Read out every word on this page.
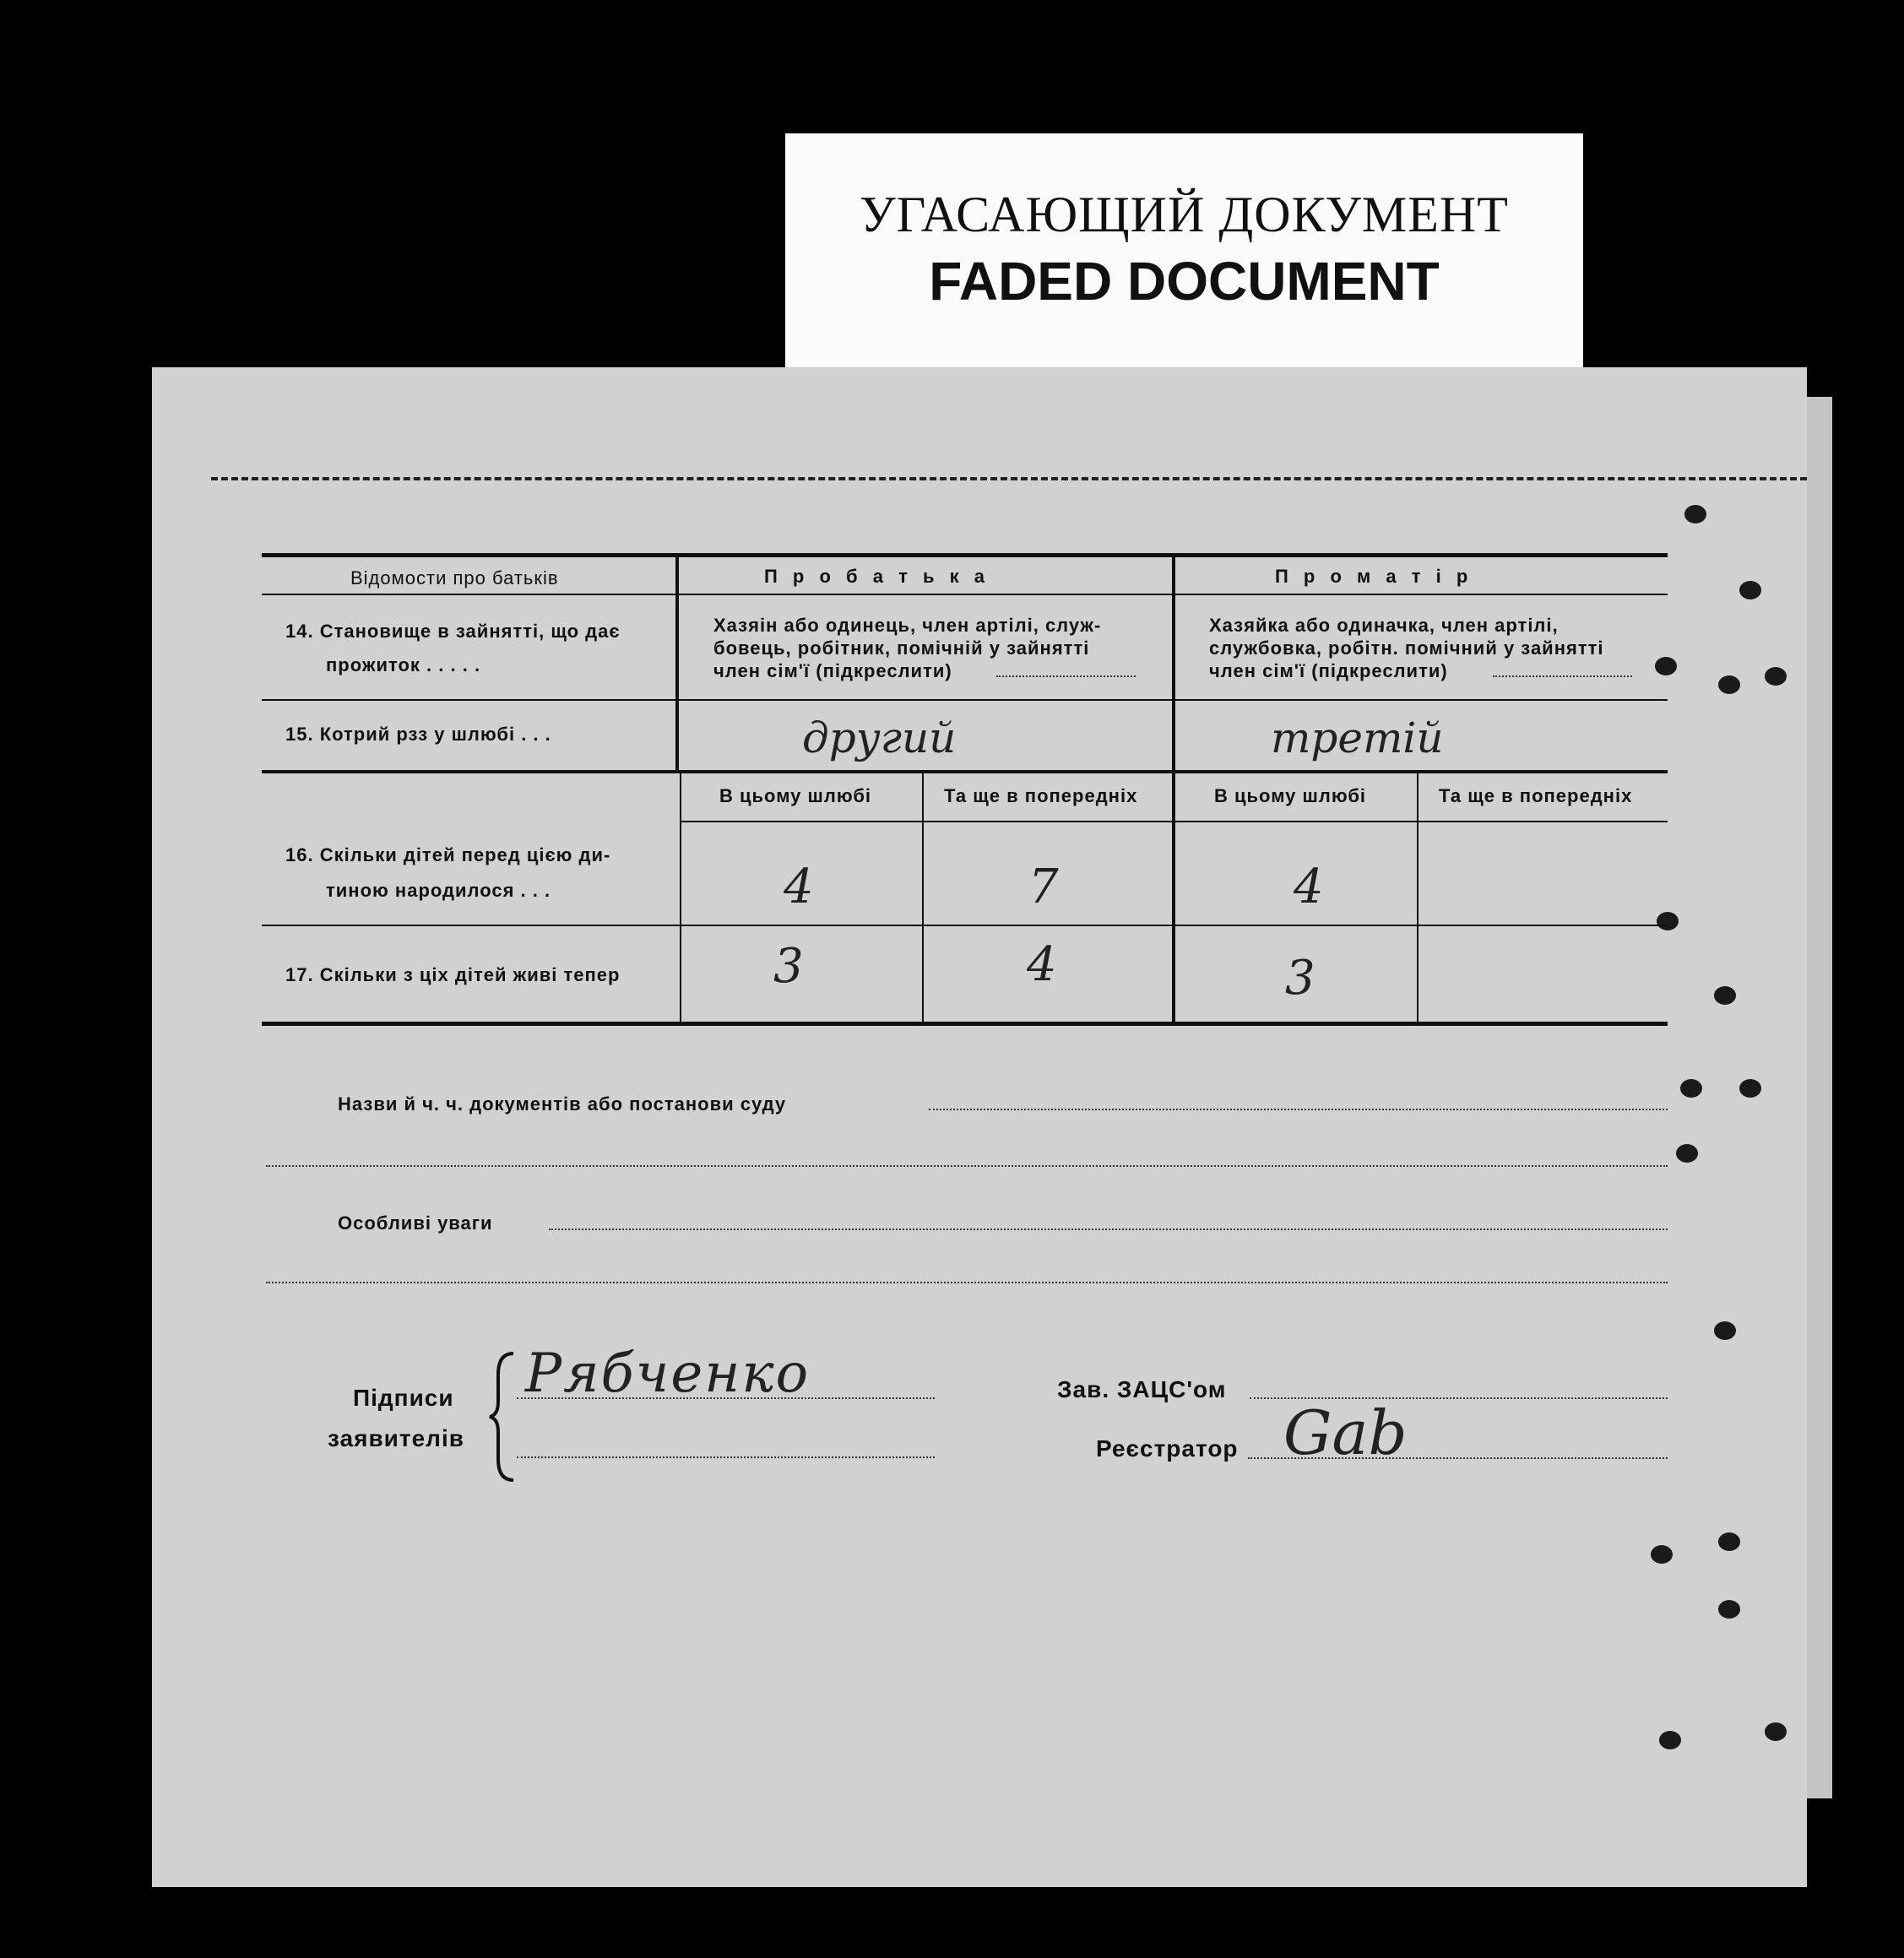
УГАСАЮЩИЙ ДОКУМЕНТ
FADED DOCUMENT
Відомости про батьків	П р о б а т ь к а	П р о м а т і р
14. Становище в зайнятті, що дає
прожиток . . . . .
Хазяін або одинець, член артілі, служ-
бовець, робітник, помічній у зайнятті
член сім'ї (підкреслити)
Хазяйка або одиначка, член артілі,
службовка, робітн. помічний у зайнятті
член сім'ї (підкреслити)
15. Котрий рзз у шлюбі . . .	другий	третій
В цьому шлюбі	Та ще в попередніх	В цьому шлюбі	Та ще в попередніх
16. Скільки дітей перед цією ди-
тиною народилося . . .	4	7	4
17. Скільки з ціх дітей живі тепер	3	4	3
Назви й ч. ч. документів або постанови суду
Особливі уваги
Підписи
заявителів
Рябченко	Зав. ЗАЦС'ом
Реєстратор Gab
